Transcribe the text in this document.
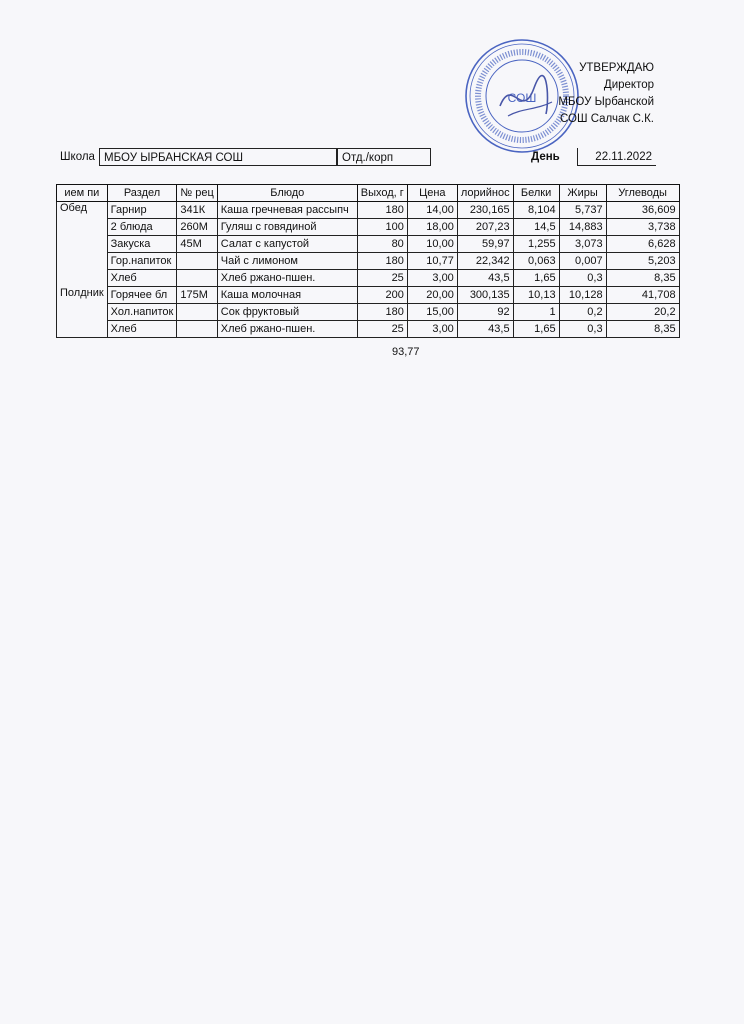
СОШ
УТВЕРЖДАЮ
Директор
МБОУ Ырбанской
СОШ Салчак С.К.
Школа МБОУ ЫРБАНСКАЯ СОШ	Отд./корп	День	22.11.2022
ием пи	Раздел	№ рец	Блюдо	Выход, г	Цена	лорийнос	Белки	Жиры	Углеводы
Обед	Гарнир	341К	Каша гречневая рассыпч	180	14,00	230,165	8,104	5,737	36,609
	2 блюда	260М	Гуляш с говядиной	100	18,00	207,23	14,5	14,883	3,738
	Закуска	45М	Салат с капустой	80	10,00	59,97	1,255	3,073	6,628
	Гор.напиток		Чай с лимоном	180	10,77	22,342	0,063	0,007	5,203
	Хлеб		Хлеб ржано-пшен.	25	3,00	43,5	1,65	0,3	8,35
Полдник	Горячее бл	175М	Каша молочная	200	20,00	300,135	10,13	10,128	41,708
	Хол.напиток		Сок фруктовый	180	15,00	92	1	0,2	20,2
	Хлеб		Хлеб ржано-пшен.	25	3,00	43,5	1,65	0,3	8,35
93,77
